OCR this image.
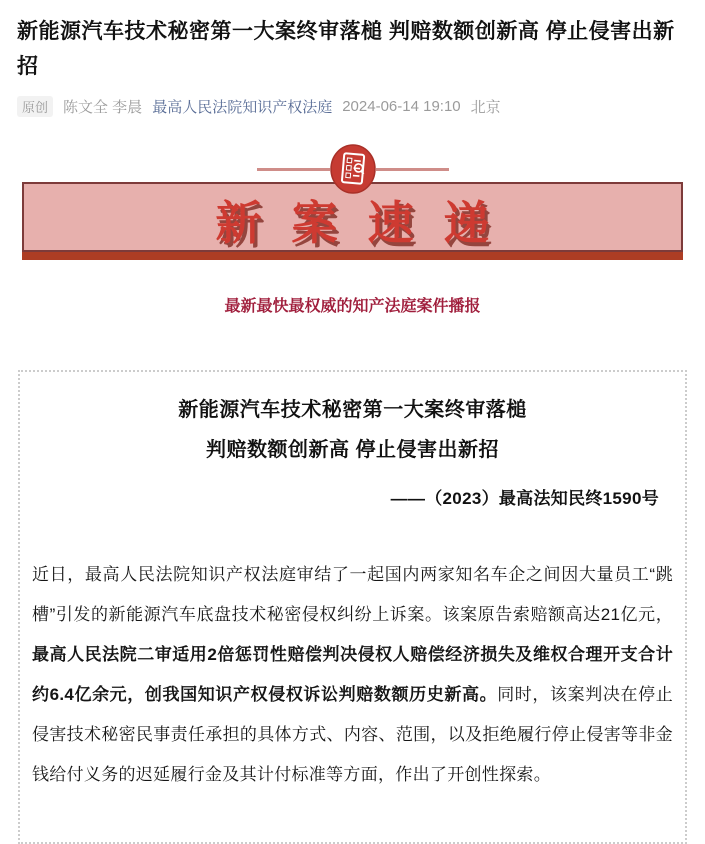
新能源汽车技术秘密第一大案终审落槌 判赔数额创新高 停止侵害出新招
原创	陈文全 李晨 最高人民法院知识产权法庭 2024-06-14 19:10 北京
新案速递
最新最快最权威的知产法庭案件播报
新能源汽车技术秘密第一大案终审落槌
判赔数额创新高 停止侵害出新招
——（2023）最高法知民终1590号

近日，最高人民法院知识产权法庭审结了一起国内两家知名车企之间因大量员工“跳槽”引发的新能源汽车底盘技术秘密侵权纠纷上诉案。该案原告索赔额高达21亿元，最高人民法院二审适用2倍惩罚性赔偿判决侵权人赔偿经济损失及维权合理开支合计约6.4亿余元，创我国知识产权侵权诉讼判赔数额历史新高。同时，该案判决在停止侵害技术秘密民事责任承担的具体方式、内容、范围，以及拒绝履行停止侵害等非金钱给付义务的迟延履行金及其计付标准等方面，作出了开创性探索。
